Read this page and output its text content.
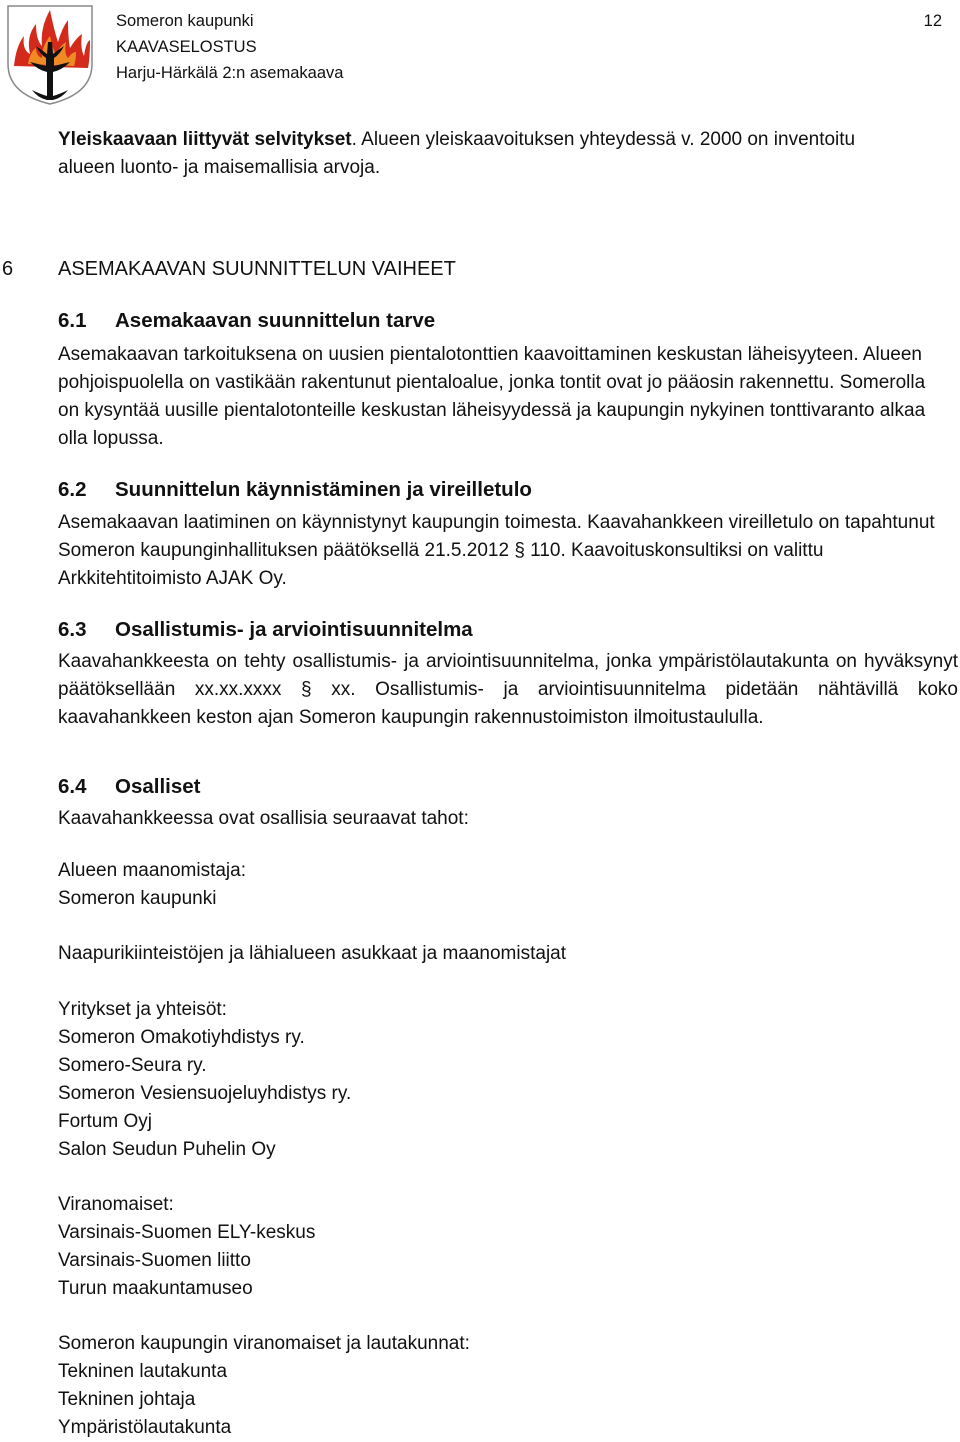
Someron kaupunki
KAAVASELOSTUS
Harju-Härkälä 2:n asemakaava
12

Yleiskaavaan liittyvät selvitykset. Alueen yleiskaavoituksen yhteydessä v. 2000 on inventoitu alueen luonto- ja maisemallisia arvoja.

6 ASEMAKAAVAN SUUNNITTELUN VAIHEET
6.1 Asemakaavan suunnittelun tarve

Asemakaavan tarkoituksena on uusien pientalotonttien kaavoittaminen keskustan läheisyyteen. Alueen pohjoispuolella on vastikään rakentunut pientaloalue, jonka tontit ovat jo pääosin rakennettu. Somerolla on kysyntää uusille pientalotonteille keskustan läheisyydessä ja kaupungin nykyinen tonttivaranto alkaa olla lopussa.

6.2 Suunnittelun käynnistäminen ja vireilletulo

Asemakaavan laatiminen on käynnistynyt kaupungin toimesta. Kaavahankkeen vireilletulo on tapahtunut Someron kaupunginhallituksen päätöksellä 21.5.2012 § 110. Kaavoituskonsultiksi on valittu Arkkitehtitoimisto AJAK Oy.

6.3 Osallistumis- ja arviointisuunnitelma

Kaavahankkeesta on tehty osallistumis- ja arviointisuunnitelma, jonka ympäristölautakunta on hyväksynyt päätöksellään xx.xx.xxxx § xx. Osallistumis- ja arviointisuunnitelma pidetään nähtävillä koko kaavahankkeen keston ajan Someron kaupungin rakennustoimiston ilmoitustaululla.

6.4 Osalliset

Kaavahankkeessa ovat osallisia seuraavat tahot:

Alueen maanomistaja:
Someron kaupunki
Naapurikiinteistöjen ja lähialueen asukkaat ja maanomistajat
Yritykset ja yhteisöt:
Someron Omakotiyhdistys ry.
Somero-Seura ry.
Someron Vesiensuojeluyhdistys ry.
Fortum Oyj
Salon Seudun Puhelin Oy
Viranomaiset:
Varsinais-Suomen ELY-keskus
Varsinais-Suomen liitto
Turun maakuntamuseo
Someron kaupungin viranomaiset ja lautakunnat:
Tekninen lautakunta
Tekninen johtaja
Ympäristölautakunta
